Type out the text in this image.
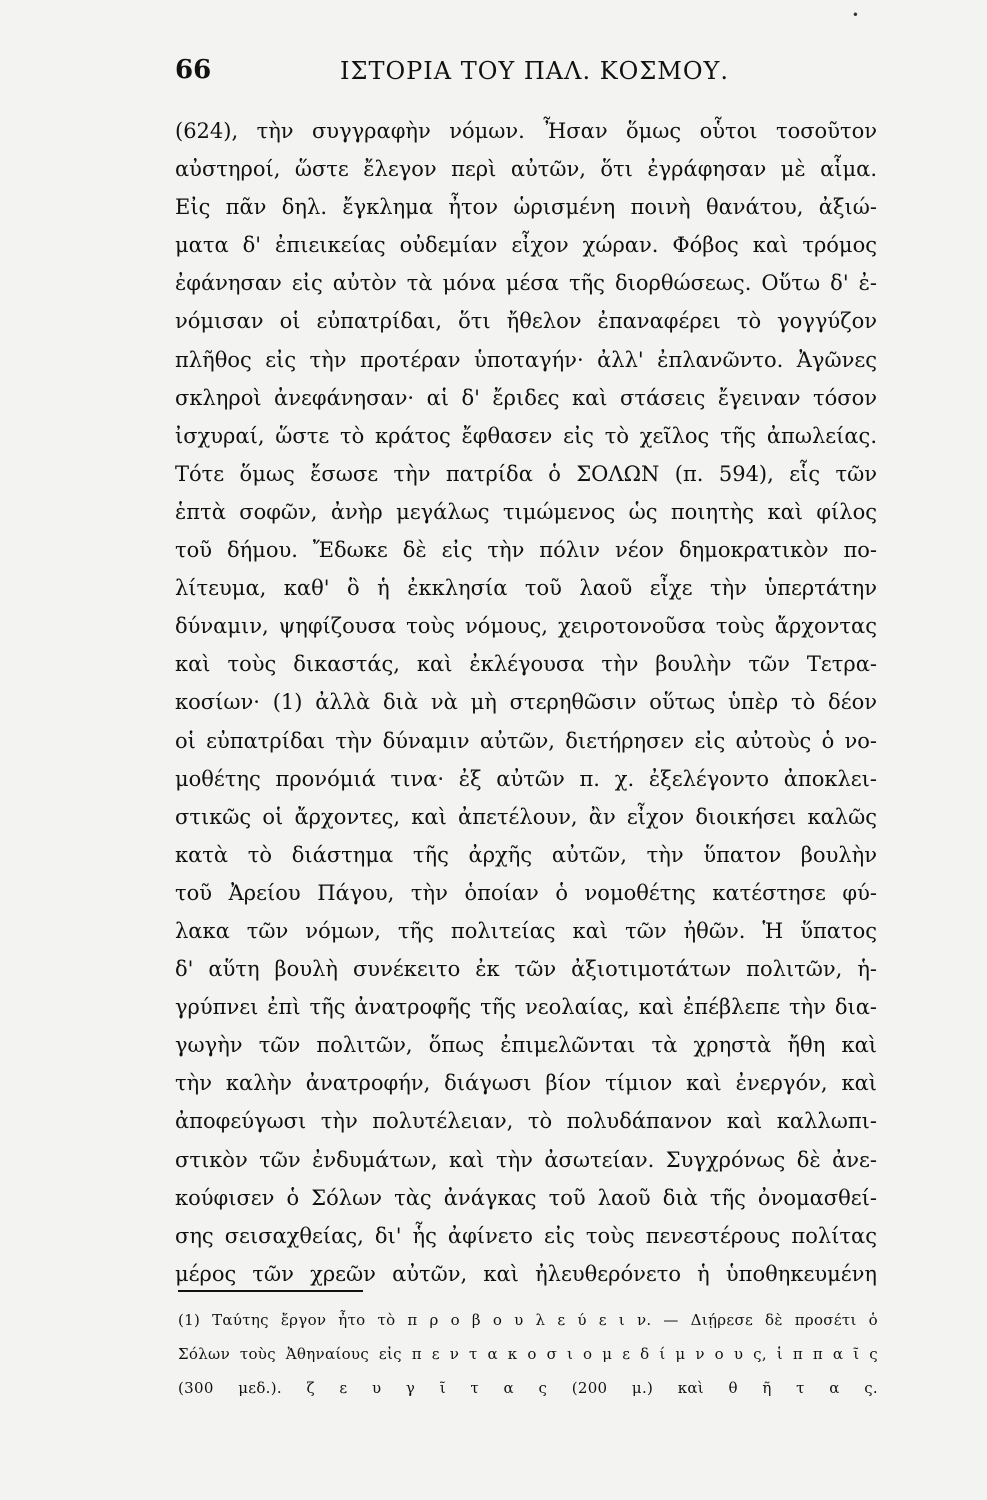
•
66	ΙΣΤΟΡΙΑ ΤΟΥ ΠΑΛ. ΚΟΣΜΟΥ.
(624), τὴν συγγραφὴν νόμων. Ἦσαν ὅμως οὗτοι τοσοῦτον
αὐστηροί, ὥστε ἔλεγον περὶ αὐτῶν, ὅτι ἐγράφησαν μὲ αἷμα.
Εἰς πᾶν δηλ. ἔγκλημα ἦτον ὡρισμένη ποινὴ θανάτου, ἀξιώ-
ματα δ' ἐπιεικείας οὐδεμίαν εἶχον χώραν. Φόβος καὶ τρόμος
ἐφάνησαν εἰς αὐτὸν τὰ μόνα μέσα τῆς διορθώσεως. Οὕτω δ' ἐ-
νόμισαν οἱ εὐπατρίδαι, ὅτι ἤθελον ἐπαναφέρει τὸ γογγύζον
πλῆθος εἰς τὴν προτέραν ὑποταγήν· ἀλλ' ἐπλανῶντο. Ἀγῶνες
σκληροὶ ἀνεφάνησαν· αἱ δ' ἔριδες καὶ στάσεις ἔγειναν τόσον
ἰσχυραί, ὥστε τὸ κράτος ἔφθασεν εἰς τὸ χεῖλος τῆς ἀπωλείας.
Τότε ὅμως ἔσωσε τὴν πατρίδα ὁ ΣΟΛΩΝ (π. 594), εἷς τῶν
ἑπτὰ σοφῶν, ἀνὴρ μεγάλως τιμώμενος ὡς ποιητὴς καὶ φίλος
τοῦ δήμου. Ἔδωκε δὲ εἰς τὴν πόλιν νέον δημοκρατικὸν πο-
λίτευμα, καθ' ὃ ἡ ἐκκλησία τοῦ λαοῦ εἶχε τὴν ὑπερτάτην
δύναμιν, ψηφίζουσα τοὺς νόμους, χειροτονοῦσα τοὺς ἄρχοντας
καὶ τοὺς δικαστάς, καὶ ἐκλέγουσα τὴν βουλὴν τῶν Τετρα-
κοσίων· (1) ἀλλὰ διὰ νὰ μὴ στερηθῶσιν οὕτως ὑπὲρ τὸ δέον
οἱ εὐπατρίδαι τὴν δύναμιν αὐτῶν, διετήρησεν εἰς αὐτοὺς ὁ νο-
μοθέτης προνόμιά τινα· ἐξ αὐτῶν π. χ. ἐξελέγοντο ἀποκλει-
στικῶς οἱ ἄρχοντες, καὶ ἀπετέλουν, ἂν εἶχον διοικήσει καλῶς
κατὰ τὸ διάστημα τῆς ἀρχῆς αὐτῶν, τὴν ὕπατον βουλὴν
τοῦ Ἀρείου Πάγου, τὴν ὁποίαν ὁ νομοθέτης κατέστησε φύ-
λακα τῶν νόμων, τῆς πολιτείας καὶ τῶν ἠθῶν. Ἡ ὕπατος
δ' αὕτη βουλὴ συνέκειτο ἐκ τῶν ἀξιοτιμοτάτων πολιτῶν, ἡ-
γρύπνει ἐπὶ τῆς ἀνατροφῆς τῆς νεολαίας, καὶ ἐπέβλεπε τὴν δια-
γωγὴν τῶν πολιτῶν, ὅπως ἐπιμελῶνται τὰ χρηστὰ ἤθη καὶ
τὴν καλὴν ἀνατροφήν, διάγωσι βίον τίμιον καὶ ἐνεργόν, καὶ
ἀποφεύγωσι τὴν πολυτέλειαν, τὸ πολυδάπανον καὶ καλλωπι-
στικὸν τῶν ἐνδυμάτων, καὶ τὴν ἀσωτείαν. Συγχρόνως δὲ ἀνε-
κούφισεν ὁ Σόλων τὰς ἀνάγκας τοῦ λαοῦ διὰ τῆς ὀνομασθεί-
σης σεισαχθείας, δι' ἧς ἀφίνετο εἰς τοὺς πενεστέρους πολίτας
μέρος τῶν χρεῶν αὐτῶν, καὶ ἠλευθερόνετο ἡ ὑποθηκευμένη
(1) Ταύτης ἔργον ἦτο τὸ π ρ ο β ο υ λ ε ύ ε ι ν. — Διῄρεσε δὲ προσέτι ὁ
Σόλων τοὺς Ἀθηναίους εἰς π ε ν τ α κ ο σ ι ο μ ε δ ί μ ν ο υ ς, ἱ π π α ῖ ς
(300 μεδ.). ζ ε υ γ ῖ τ α ς (200 μ.) καὶ θ ῆ τ α ς.
